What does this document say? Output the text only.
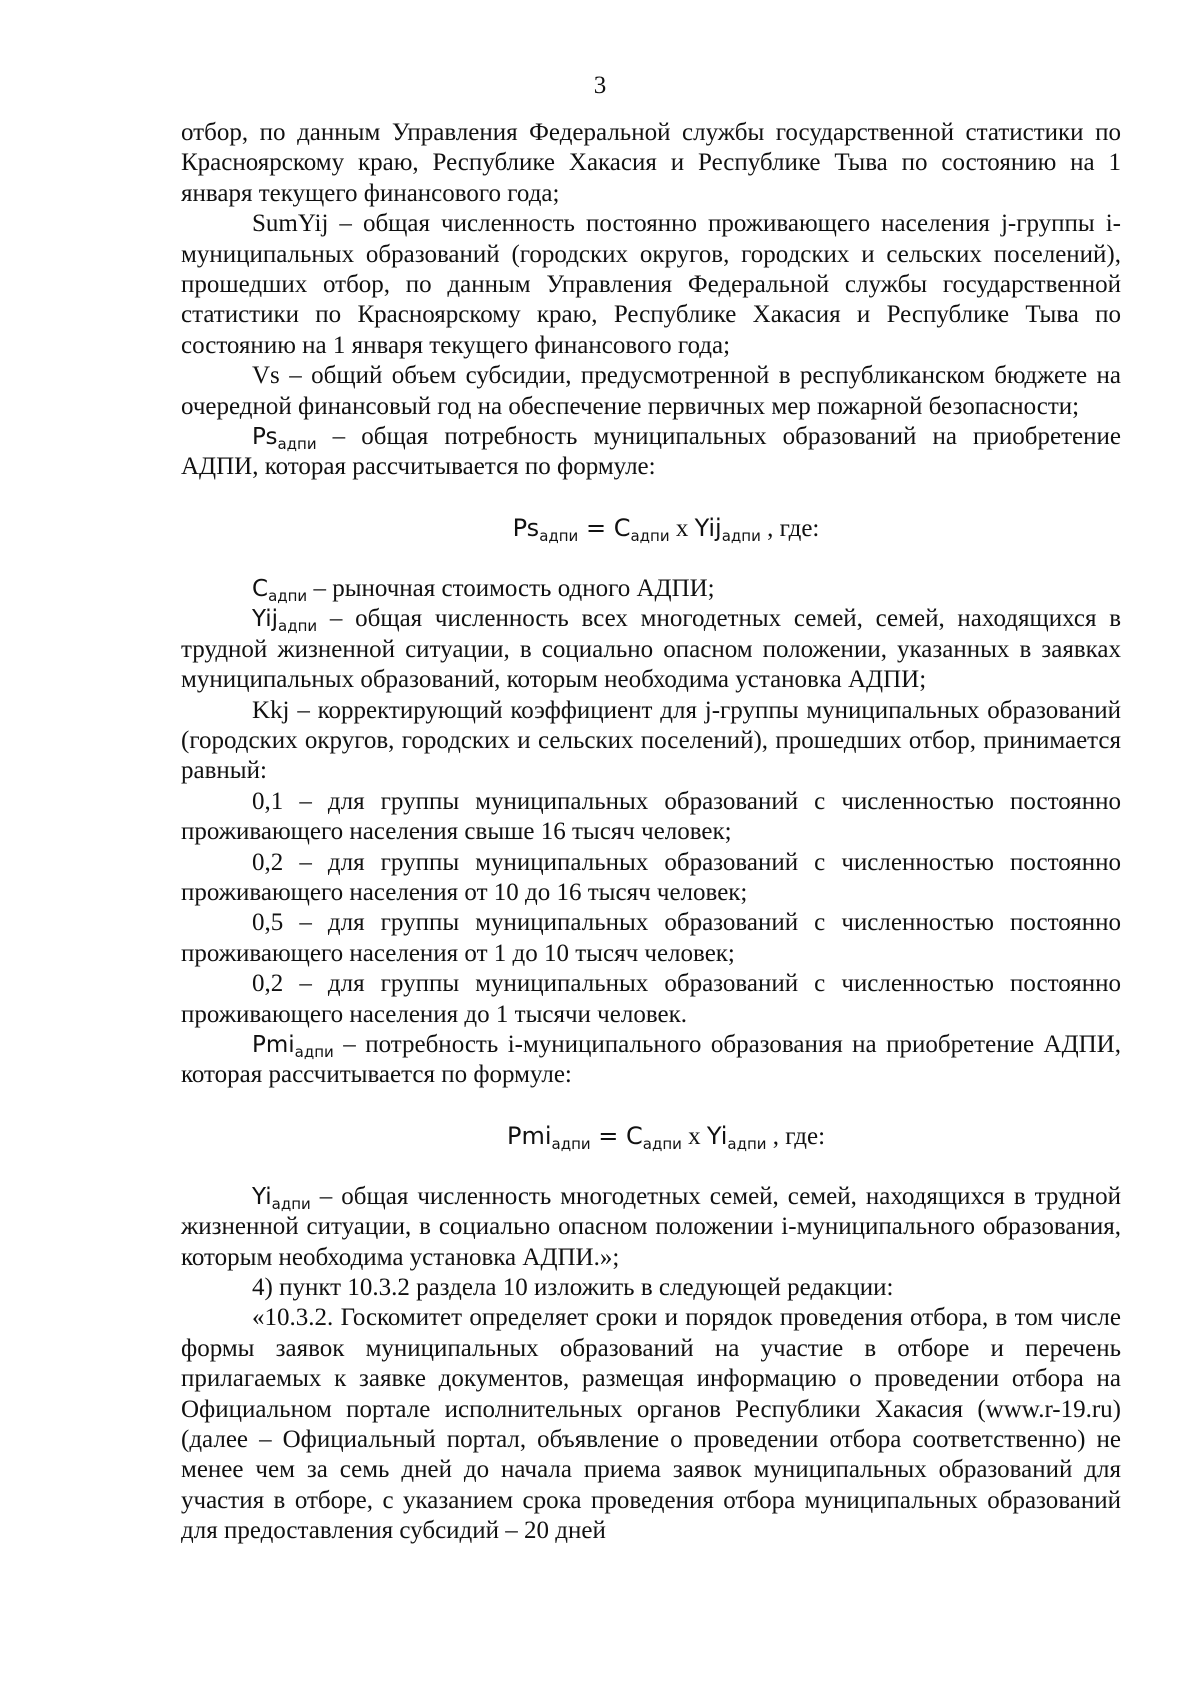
3

отбор, по данным Управления Федеральной службы государственной статистики по Красноярскому краю, Республике Хакасия и Республике Тыва по состоянию на 1 января текущего финансового года;

SumYij – общая численность постоянно проживающего населения j-группы i-муниципальных образований (городских округов, городских и сельских поселений), прошедших отбор, по данным Управления Федеральной службы государственной статистики по Красноярскому краю, Республике Хакасия и Республике Тыва по состоянию на 1 января текущего финансового года;

Vs – общий объем субсидии, предусмотренной в республиканском бюджете на очередной финансовый год на обеспечение первичных мер пожарной безопасности;

$Ps_{адпи}$ – общая потребность муниципальных образований на приобретение АДПИ, которая рассчитывается по формуле:

$Ps_{адпи} = C_{адпи}$ x Yij$_{адпи}$ , где:

$C_{адпи}$ – рыночная стоимость одного АДПИ;

Yij$_{адпи}$ – общая численность всех многодетных семей, семей, находящихся в трудной жизненной ситуации, в социально опасном положении, указанных в заявках муниципальных образований, которым необходима установка АДПИ;

Kkj – корректирующий коэффициент для j-группы муниципальных образований (городских округов, городских и сельских поселений), прошедших отбор, принимается равный:

0,1 – для группы муниципальных образований с численностью постоянно проживающего населения свыше 16 тысяч человек;

0,2 – для группы муниципальных образований с численностью постоянно проживающего населения от 10 до 16 тысяч человек;

0,5 – для группы муниципальных образований с численностью постоянно проживающего населения от 1 до 10 тысяч человек;

0,2 – для группы муниципальных образований с численностью постоянно проживающего населения до 1 тысячи человек.

Pmi$_{адпи}$ – потребность i-муниципального образования на приобретение АДПИ, которая рассчитывается по формуле:

$Pmi_{адпи} = C_{адпи}$ x $Yi_{адпи}$ , где:

$Yi_{адпи}$ – общая численность многодетных семей, семей, находящихся в трудной жизненной ситуации, в социально опасном положении i-муниципального образования, которым необходима установка АДПИ.»;

4) пункт 10.3.2 раздела 10 изложить в следующей редакции:

«10.3.2. Госкомитет определяет сроки и порядок проведения отбора, в том числе формы заявок муниципальных образований на участие в отборе и перечень прилагаемых к заявке документов, размещая информацию о проведении отбора на Официальном портале исполнительных органов Республики Хакасия (www.r-19.ru) (далее – Официальный портал, объявление о проведении отбора соответственно) не менее чем за семь дней до начала приема заявок муниципальных образований для участия в отборе, с указанием срока проведения отбора муниципальных образований для предоставления субсидий – 20 дней
